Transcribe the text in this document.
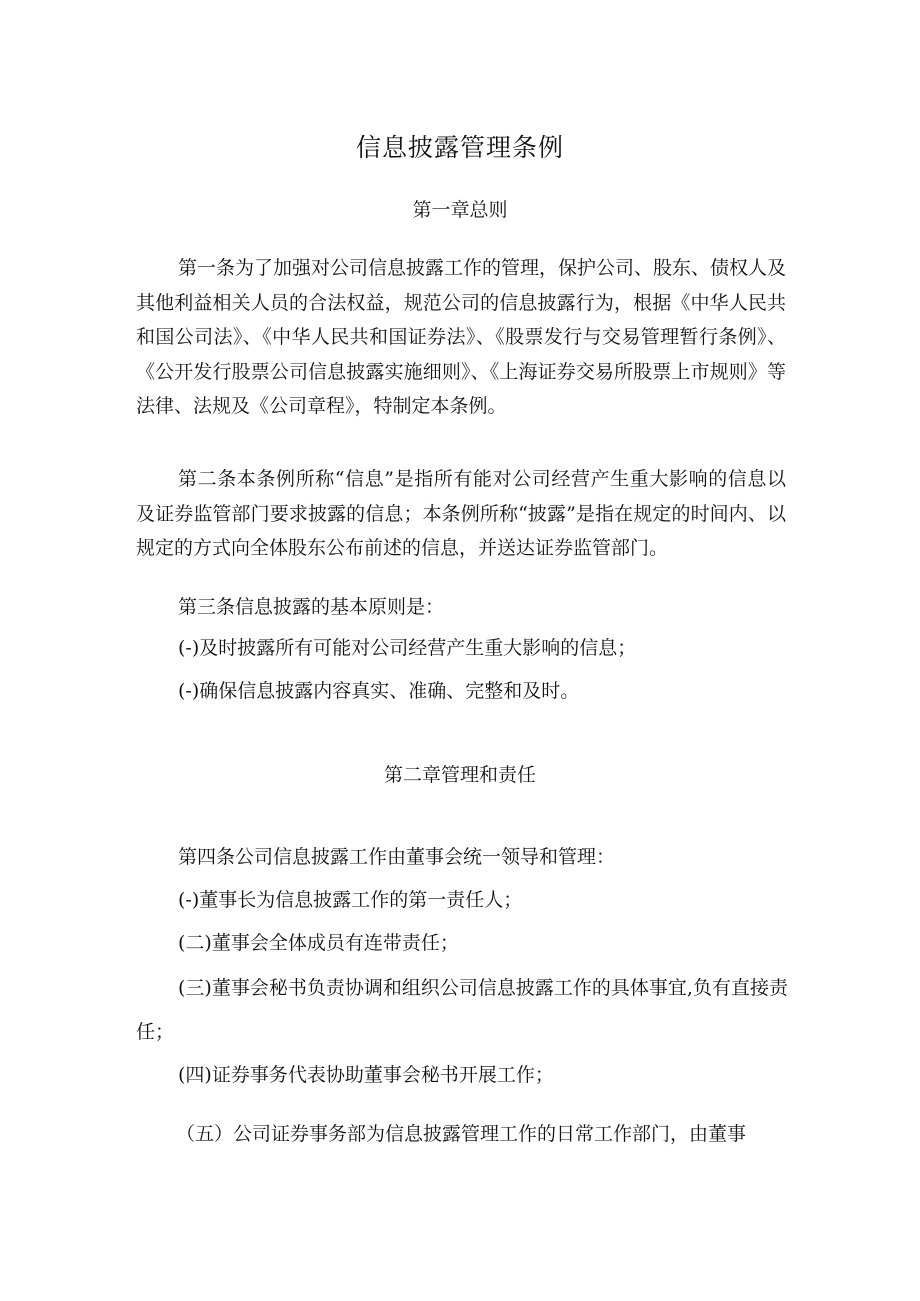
信息披露管理条例
第一章总则

第一条为了加强对公司信息披露工作的管理，保护公司、股东、债权人及其他利益相关人员的合法权益，规范公司的信息披露行为，根据《中华人民共和国公司法》、《中华人民共和国证券法》、《股票发行与交易管理暂行条例》、《公开发行股票公司信息披露实施细则》、《上海证券交易所股票上市规则》等法律、法规及《公司章程》，特制定本条例。

第二条本条例所称“信息”是指所有能对公司经营产生重大影响的信息以及证券监管部门要求披露的信息；本条例所称“披露”是指在规定的时间内、以规定的方式向全体股东公布前述的信息，并送达证券监管部门。

第三条信息披露的基本原则是：

(-)及时披露所有可能对公司经营产生重大影响的信息；

(-)确保信息披露内容真实、准确、完整和及时。

第二章管理和责任

第四条公司信息披露工作由董事会统一领导和管理：

(-)董事长为信息披露工作的第一责任人；

(二)董事会全体成员有连带责任；

(三)董事会秘书负责协调和组织公司信息披露工作的具体事宜,负有直接责任；

(四)证券事务代表协助董事会秘书开展工作；

（五）公司证券事务部为信息披露管理工作的日常工作部门，由董事
